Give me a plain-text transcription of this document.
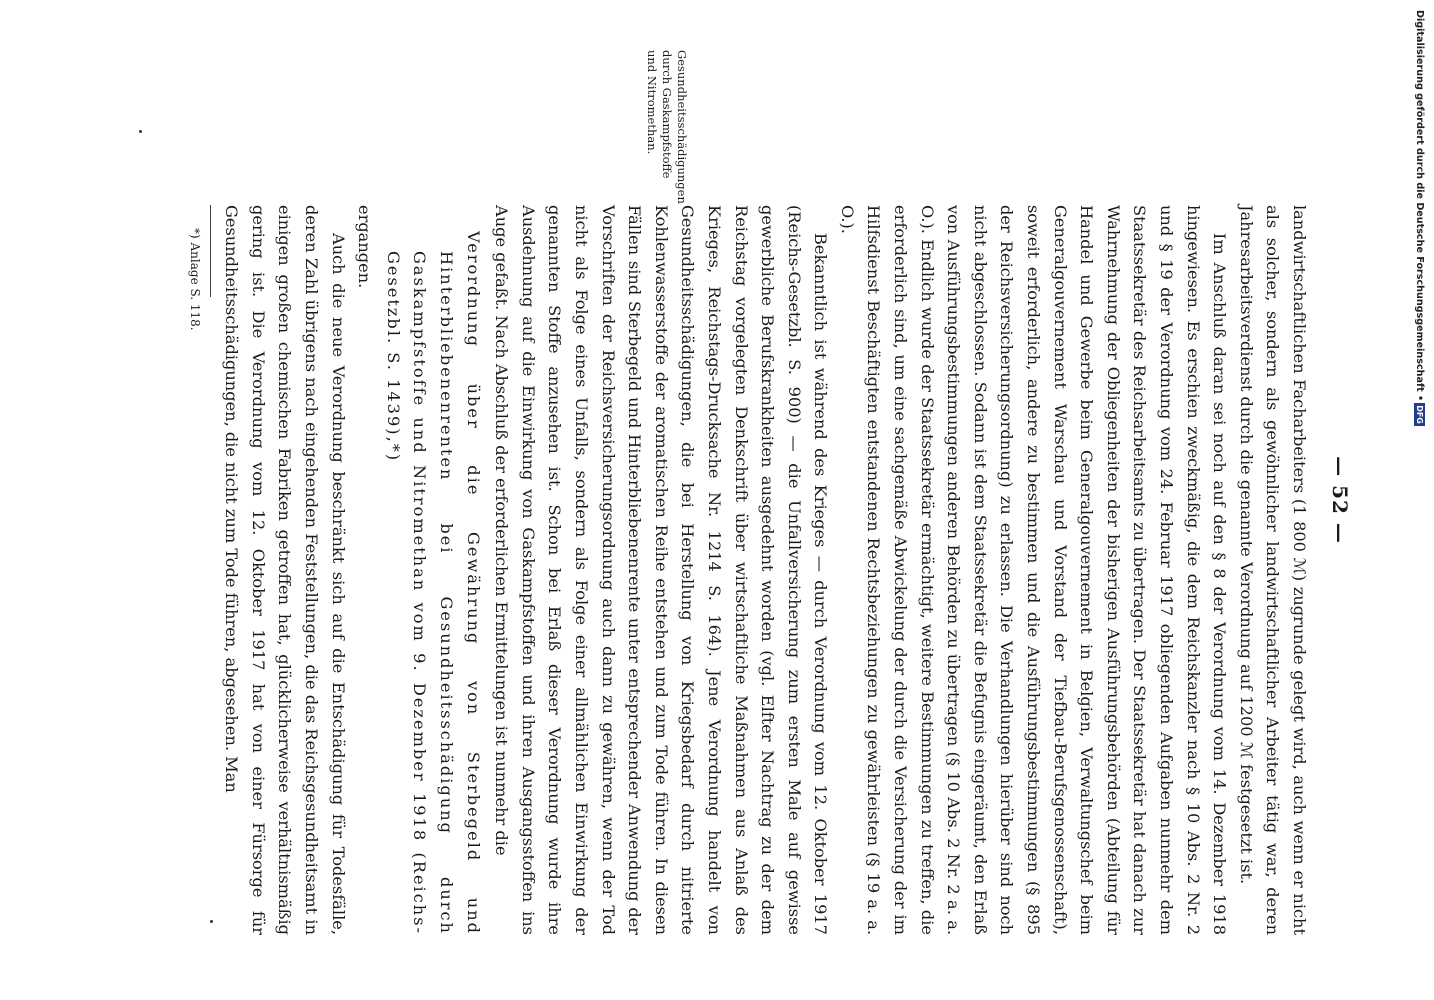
— 52 —
Gesundheitsschädigungen durch Gaskampfstoffe und Nitromethan.

landwirtschaftlichen Facharbeiters (1 800 ℳ) zugrunde gelegt wird, auch wenn er nicht als solcher, sondern als gewöhnlicher landwirtschaftlicher Arbeiter tätig war, deren Jahresarbeitsverdienst durch die genannte Verordnung auf 1200 ℳ festgesetzt ist.

Im Anschluß daran sei noch auf den § 8 der Verordnung vom 14. Dezember 1918 hingewiesen. Es erschien zweckmäßig, die dem Reichskanzler nach § 10 Abs. 2 Nr. 2 und § 19 der Verordnung vom 24. Februar 1917 obliegenden Aufgaben nunmehr dem Staatssekretär des Reichsarbeitsamts zu übertragen. Der Staatssekretär hat danach zur Wahrnehmung der Obliegenheiten der bisherigen Ausführungsbehörden (Abteilung für Handel und Gewerbe beim Generalgouvernement in Belgien, Verwaltungschef beim Generalgouvernement Warschau und Vorstand der Tiefbau-Berufsgenossenschaft), soweit erforderlich, andere zu bestimmen und die Ausführungsbestimmungen (§ 895 der Reichsversicherungsordnung) zu erlassen. Die Verhandlungen hierüber sind noch nicht abgeschlossen. Sodann ist dem Staatssekretär die Befugnis eingeräumt, den Erlaß von Ausführungsbestimmungen anderen Behörden zu übertragen (§ 10 Abs. 2 Nr. 2 a. a. O.). Endlich wurde der Staatssekretär ermächtigt, weitere Bestimmungen zu treffen, die erforderlich sind, um eine sachgemäße Abwickelung der durch die Versicherung der im Hilfsdienst Beschäftigten entstandenen Rechtsbeziehungen zu gewährleisten (§ 19 a. a. O.).

Bekanntlich ist während des Krieges — durch Verordnung vom 12. Oktober 1917 (Reichs-Gesetzbl. S. 900) — die Unfallversicherung zum ersten Male auf gewisse gewerbliche Berufskrankheiten ausgedehnt worden (vgl. Elfter Nachtrag zu der dem Reichstag vorgelegten Denkschrift über wirtschaftliche Maßnahmen aus Anlaß des Krieges, Reichstags-Drucksache Nr. 1214 S. 164). Jene Verordnung handelt von Gesundheitsschädigungen, die bei Herstellung von Kriegsbedarf durch nitrierte Kohlenwasserstoffe der aromatischen Reihe entstehen und zum Tode führen. In diesen Fällen sind Sterbegeld und Hinterbliebenenrente unter entsprechender Anwendung der Vorschriften der Reichsversicherungsordnung auch dann zu gewähren, wenn der Tod nicht als Folge eines Unfalls, sondern als Folge einer allmählichen Einwirkung der genannten Stoffe anzusehen ist. Schon bei Erlaß dieser Verordnung wurde ihre Ausdehnung auf die Einwirkung von Gaskampfstoffen und ihren Ausgangsstoffen ins Auge gefaßt. Nach Abschluß der erforderlichen Ermittelungen ist nunmehr die

Verordnung über die Gewährung von Sterbegeld und Hinterbliebenenrenten bei Gesundheitsschädigung durch Gaskampfstoffe und Nitromethan vom 9. Dezember 1918 (Reichs-Gesetzbl. S. 1439),*)

ergangen.

Auch die neue Verordnung beschränkt sich auf die Entschädigung für Todesfälle, deren Zahl übrigens nach eingehenden Feststellungen, die das Reichsgesundheitsamt in einigen großen chemischen Fabriken getroffen hat, glücklicherweise verhältnismäßig gering ist. Die Verordnung vom 12. Oktober 1917 hat von einer Fürsorge für Gesundheitsschädigungen, die nicht zum Tode führen, abgesehen. Man

*) Anlage S. 118.	Digitalisierung gefördert durch die Deutsche Forschungsgemeinschaft •
DFG
